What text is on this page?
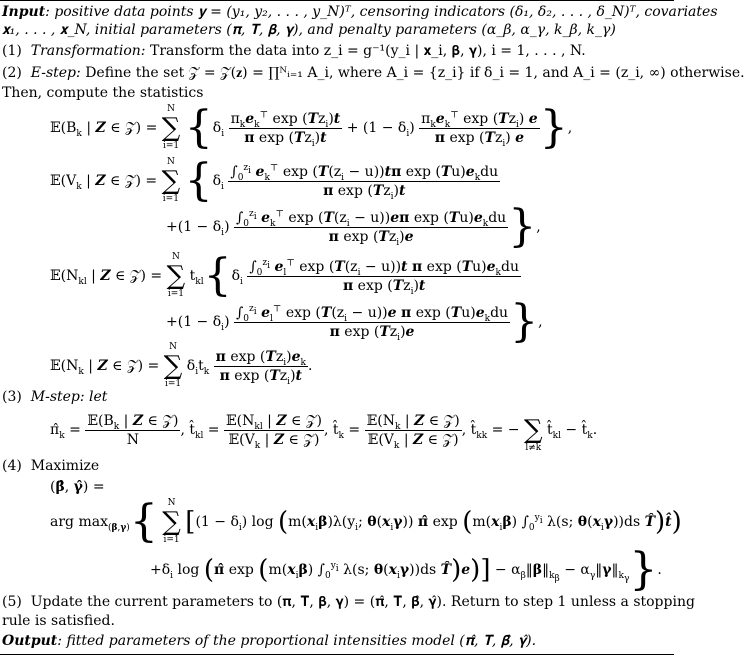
Input: positive data points 𝐲 = (y₁, y₂, . . . , y_N)ᵀ, censoring indicators (δ₁, δ₂, . . . , δ_N)ᵀ, covariates
𝐱₁, . . . , 𝐱_N, initial parameters (𝛑, 𝐓, 𝛃, 𝛄), and penalty parameters (α_β, α_γ, k_β, k_γ)
(1) Transformation: Transform the data into z_i = g⁻¹(y_i | 𝐱_i, 𝛃, 𝛄), i = 1, . . . , N.
(2) E-step: Define the set 𝒵 = 𝒵(𝐳) = ∏ᴺᵢ₌₁ A_i, where A_i = {z_i} if δ_i = 1, and A_i = (z_i, ∞) otherwise.
Then, compute the statistics
$𝔼(B_k$ | Z ∈ 𝒵) =
N
∑
i=1 {$\delta_i \frac{\pi_ke_k^⊤ \exp (Tz_i)t}{\pi \exp (Tz_i)t} + (1 - \delta_i) \frac{\pi_ke_k^⊤ \exp (Tz_i) e}{\pi \exp (Tz_i) e}$ },
$𝔼(V_k$ | Z ∈ 𝒵) =
N
∑
i=1 {$\delta_i \frac{\int_0^{z_i} e_k^⊤ \exp (T(z_i - u))t\pi \exp (Tu)e_kdu}{\pi \exp (Tz_i)t}$
$+(1 - \delta_i) \frac{\int_0^{z_i} e_k^⊤ \exp (T(z_i - u))e\pi \exp (Tu)e_kdu}{\pi \exp (Tz_i)e}$ },
$𝔼(N_{kl}$ | Z ∈ 𝒵) =
N
∑
i=1
$t_{kl}\{\delta_i \frac{\int_0^{z_i} e_l^⊤ \exp (T(z_i - u))t \pi \exp (Tu)e_kdu}{\pi \exp (Tz_i)t}$
$+(1 - \delta_i) \frac{\int_0^{z_i} e_l^⊤ \exp (T(z_i - u))e \pi \exp (Tu)e_kdu}{\pi \exp (Tz_i)e}$ },
$𝔼(N_k$ | Z ∈ 𝒵) =
N
∑
i=1
$\delta_it_k \frac{\pi \exp (Tz_i)e_k}{\pi \exp (Tz_i)t}$ .
(3) M-step: let
$\pî_k = \frac{𝔼(B_k | Z \in 𝒵)}{N}$ , $t̂_{kl} = \frac{𝔼(N_{kl} | Z \in 𝒵)}{𝔼(V_k | Z \in 𝒵)}$ , $t̂_k = \frac{𝔼(N_k | Z \in 𝒵)}{𝔼(V_k | Z \in 𝒵)}$ , $t̂_{kk}$ = −
∑
l≠k
$t̂_{kl}$ − $t̂_k$.
(4) Maximize
(β̂, γ̂) =
arg $\max_{(\beta,\gamma)}${	N
∑
i=1
[$(1 - \delta_i)$ $\log (m(x_i\beta)\lambda(y_i$; $\theta(x_i\gamma)$) π̂ $\exp (m(x_i\beta)$ $\int_0^{y_i}$ λ(s; $\theta(x_i\gamma))ds$ T̂)t̂)
$+\delta_i$ log (π̂ $\exp (m(x_i\beta)$ $\int_0^{y_i}$ λ(s; $\theta(x_i\gamma))ds$ T̂)e)] − $\alpha_\beta‖\beta‖_{k_\beta}$ − $\alpha_\gamma‖\gamma‖_{k_\gamma}$}.
(5) Update the current parameters to (𝛑, 𝐓, 𝛃, 𝛄) = (𝛑̂, 𝐓̂, 𝛃̂, 𝛄̂). Return to step 1 unless a stopping
rule is satisfied.
Output: fitted parameters of the proportional intensities model (𝛑̂, 𝐓̂, 𝛃̂, 𝛄̂).
